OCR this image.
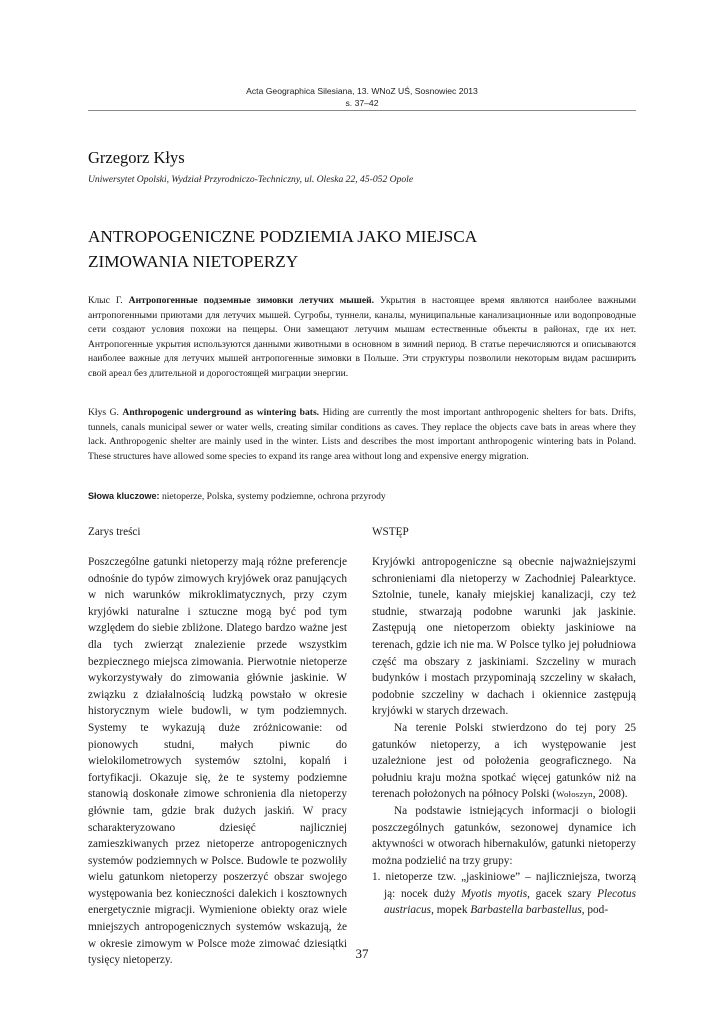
Acta Geographica Silesiana, 13. WNoZ UŚ, Sosnowiec 2013
s. 37–42
Grzegorz Kłys
Uniwersytet Opolski, Wydział Przyrodniczo-Techniczny, ul. Oleska 22, 45-052 Opole
ANTROPOGENICZNE PODZIEMIA JAKO MIEJSCA
ZIMOWANIA NIETOPERZY
Клыс Г. Антропогенные подземные зимовки летучих мышей. Укрытия в настоящее время являются наиболее важными антропогенными приютами для летучих мышей. Сугробы, туннели, каналы, муниципальные канализационные или водопроводные сети создают условия похожи на пещеры. Они замещают летучим мышам естественные объекты в районах, где их нет. Антропогенные укрытия используются данными животными в основном в зимний период. В статье перечисляются и описываются наиболее важные для летучих мышей антропогенные зимовки в Польше. Эти структуры позволили некоторым видам расширить свой ареал без длительной и дорогостоящей миграции энергии.
Kłys G. Anthropogenic underground as wintering bats. Hiding are currently the most important anthropogenic shelters for bats. Drifts, tunnels, canals municipal sewer or water wells, creating similar conditions as caves. They replace the objects cave bats in areas where they lack. Anthropogenic shelter are mainly used in the winter. Lists and describes the most important anthropogenic wintering bats in Poland. These structures have allowed some species to expand its range area without long and expensive energy migration.
Słowa kluczowe: nietoperze, Polska, systemy podziemne, ochrona przyrody
Zarys treści	WSTĘP

Poszczególne gatunki nietoperzy mają różne preferencje odnośnie do typów zimowych kryjówek oraz panujących w nich warunków mikroklimatycznych, przy czym kryjówki naturalne i sztuczne mogą być pod tym względem do siebie zbliżone. Dlatego bardzo ważne jest dla tych zwierząt znalezienie przede wszystkim bezpiecznego miejsca zimowania. Pierwotnie nietoperze wykorzystywały do zimowania głównie jaskinie. W związku z działalnością ludzką powstało w okresie historycznym wiele budowli, w tym podziemnych. Systemy te wykazują duże zróżnicowanie: od pionowych studni, małych piwnic do wielokilometrowych systemów sztolni, kopalń i fortyfikacji. Okazuje się, że te systemy podziemne stanowią doskonałe zimowe schronienia dla nietoperzy głównie tam, gdzie brak dużych jaskiń. W pracy scharakteryzowano dziesięć najliczniej zamieszkiwanych przez nietoperze antropogenicznych systemów podziemnych w Polsce. Budowle te pozwoliły wielu gatunkom nietoperzy poszerzyć obszar swojego występowania bez konieczności dalekich i kosztownych energetycznie migracji. Wymienione obiekty oraz wiele mniejszych antropogenicznych systemów wskazują, że w okresie zimowym w Polsce może zimować dziesiątki tysięcy nietoperzy.

Kryjówki antropogeniczne są obecnie najważniejszymi schronieniami dla nietoperzy w Zachodniej Palearktyce. Sztolnie, tunele, kanały miejskiej kanalizacji, czy też studnie, stwarzają podobne warunki jak jaskinie. Zastępują one nietoperzom obiekty jaskiniowe na terenach, gdzie ich nie ma. W Polsce tylko jej południowa część ma obszary z jaskiniami. Szczeliny w murach budynków i mostach przypominają szczeliny w skałach, podobnie szczeliny w dachach i okiennice zastępują kryjówki w starych drzewach.

Na terenie Polski stwierdzono do tej pory 25 gatunków nietoperzy, a ich występowanie jest uzależnione jest od położenia geograficznego. Na południu kraju można spotkać więcej gatunków niż na terenach położonych na północy Polski (Wołoszyn, 2008).

Na podstawie istniejących informacji o biologii poszczególnych gatunków, sezonowej dynamice ich aktywności w otworach hibernakulów, gatunki nietoperzy można podzielić na trzy grupy:

1. nietoperze tzw. „jaskiniowe” – najliczniejsza, tworzą ją: nocek duży Myotis myotis, gacek szary Plecotus austriacus, mopek Barbastella barbastellus, pod-

37
